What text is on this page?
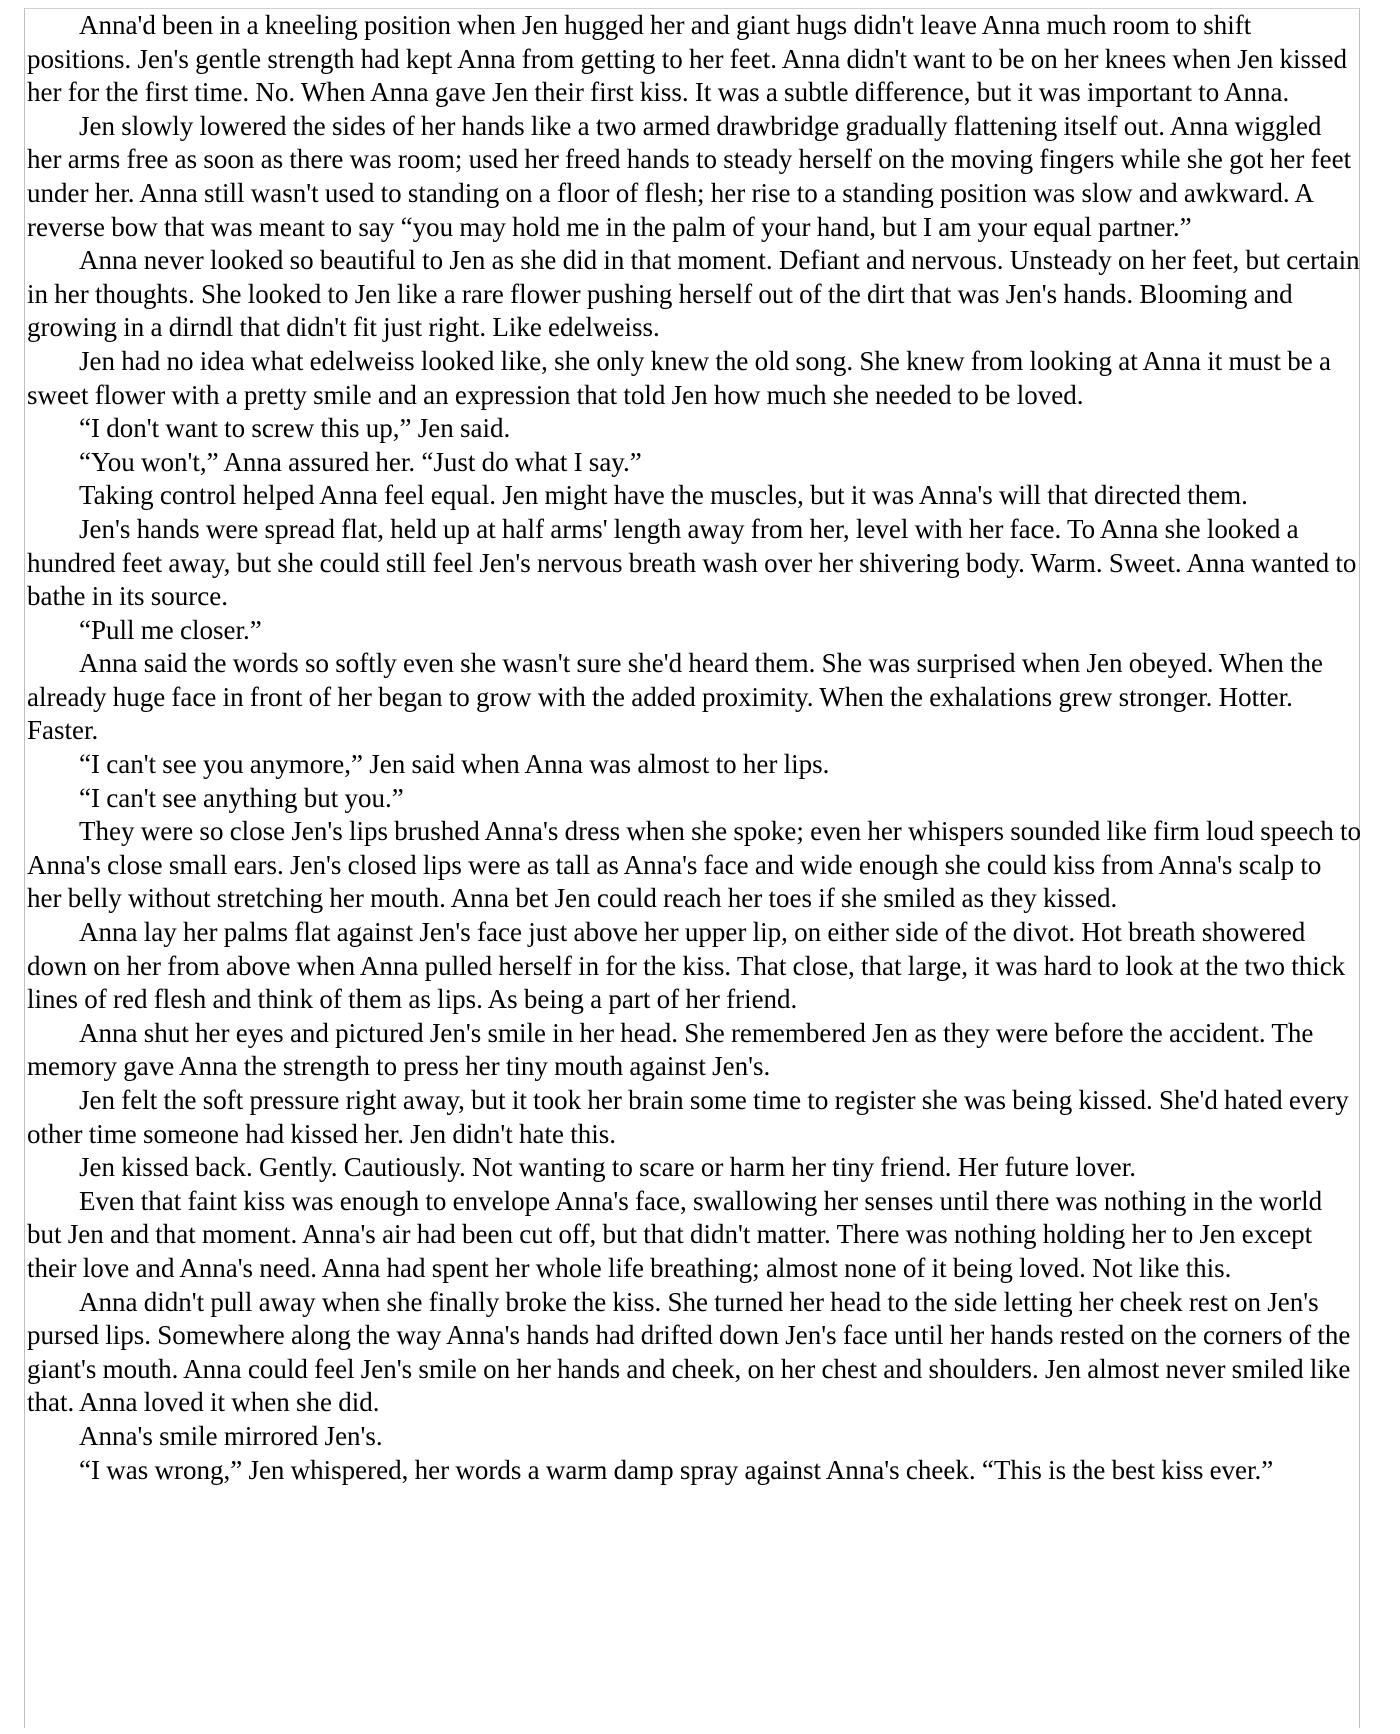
Anna'd been in a kneeling position when Jen hugged her and giant hugs didn't leave Anna much room to shift positions. Jen's gentle strength had kept Anna from getting to her feet. Anna didn't want to be on her knees when Jen kissed her for the first time. No. When Anna gave Jen their first kiss. It was a subtle difference, but it was important to Anna.

Jen slowly lowered the sides of her hands like a two armed drawbridge gradually flattening itself out. Anna wiggled her arms free as soon as there was room; used her freed hands to steady herself on the moving fingers while she got her feet under her. Anna still wasn't used to standing on a floor of flesh; her rise to a standing position was slow and awkward. A reverse bow that was meant to say “you may hold me in the palm of your hand, but I am your equal partner.”

Anna never looked so beautiful to Jen as she did in that moment. Defiant and nervous. Unsteady on her feet, but certain in her thoughts. She looked to Jen like a rare flower pushing herself out of the dirt that was Jen's hands. Blooming and growing in a dirndl that didn't fit just right. Like edelweiss.

Jen had no idea what edelweiss looked like, she only knew the old song. She knew from looking at Anna it must be a sweet flower with a pretty smile and an expression that told Jen how much she needed to be loved.

“I don't want to screw this up,” Jen said.

“You won't,” Anna assured her. “Just do what I say.”

Taking control helped Anna feel equal. Jen might have the muscles, but it was Anna's will that directed them.

Jen's hands were spread flat, held up at half arms' length away from her, level with her face. To Anna she looked a hundred feet away, but she could still feel Jen's nervous breath wash over her shivering body. Warm. Sweet. Anna wanted to bathe in its source.

“Pull me closer.”

Anna said the words so softly even she wasn't sure she'd heard them. She was surprised when Jen obeyed. When the already huge face in front of her began to grow with the added proximity. When the exhalations grew stronger. Hotter. Faster.

“I can't see you anymore,” Jen said when Anna was almost to her lips.

“I can't see anything but you.”

They were so close Jen's lips brushed Anna's dress when she spoke; even her whispers sounded like firm loud speech to Anna's close small ears. Jen's closed lips were as tall as Anna's face and wide enough she could kiss from Anna's scalp to her belly without stretching her mouth. Anna bet Jen could reach her toes if she smiled as they kissed.

Anna lay her palms flat against Jen's face just above her upper lip, on either side of the divot. Hot breath showered down on her from above when Anna pulled herself in for the kiss. That close, that large, it was hard to look at the two thick lines of red flesh and think of them as lips. As being a part of her friend.

Anna shut her eyes and pictured Jen's smile in her head. She remembered Jen as they were before the accident. The memory gave Anna the strength to press her tiny mouth against Jen's.

Jen felt the soft pressure right away, but it took her brain some time to register she was being kissed. She'd hated every other time someone had kissed her. Jen didn't hate this.

Jen kissed back. Gently. Cautiously. Not wanting to scare or harm her tiny friend. Her future lover.

Even that faint kiss was enough to envelope Anna's face, swallowing her senses until there was nothing in the world but Jen and that moment. Anna's air had been cut off, but that didn't matter. There was nothing holding her to Jen except their love and Anna's need. Anna had spent her whole life breathing; almost none of it being loved. Not like this.

Anna didn't pull away when she finally broke the kiss. She turned her head to the side letting her cheek rest on Jen's pursed lips. Somewhere along the way Anna's hands had drifted down Jen's face until her hands rested on the corners of the giant's mouth. Anna could feel Jen's smile on her hands and cheek, on her chest and shoulders. Jen almost never smiled like that. Anna loved it when she did.

Anna's smile mirrored Jen's.

“I was wrong,” Jen whispered, her words a warm damp spray against Anna's cheek. “This is the best kiss ever.”
